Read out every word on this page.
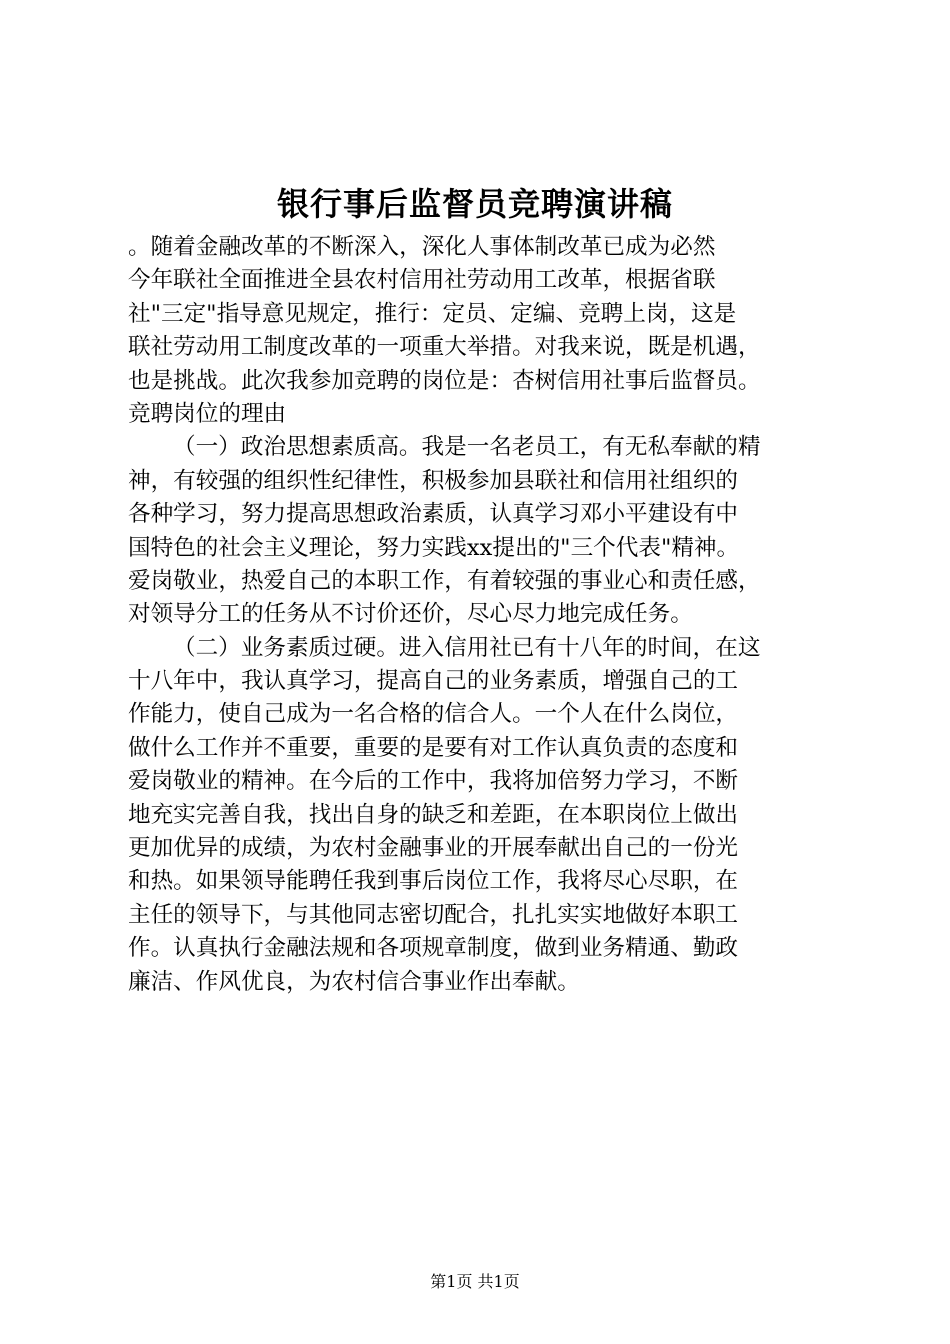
银行事后监督员竞聘演讲稿
。随着金融改革的不断深入，深化人事体制改革已成为必然
今年联社全面推进全县农村信用社劳动用工改革，根据省联
社"三定"指导意见规定，推行：定员、定编、竞聘上岗，这是
联社劳动用工制度改革的一项重大举措。对我来说，既是机遇，
也是挑战。此次我参加竞聘的岗位是：杏树信用社事后监督员。
竞聘岗位的理由
（一）政治思想素质高。我是一名老员工，有无私奉献的精
神，有较强的组织性纪律性，积极参加县联社和信用社组织的
各种学习，努力提高思想政治素质，认真学习邓小平建设有中
国特色的社会主义理论，努力实践xx提出的"三个代表"精神。
爱岗敬业，热爱自己的本职工作，有着较强的事业心和责任感，
对领导分工的任务从不讨价还价，尽心尽力地完成任务。
（二）业务素质过硬。进入信用社已有十八年的时间，在这
十八年中，我认真学习，提高自己的业务素质，增强自己的工
作能力，使自己成为一名合格的信合人。一个人在什么岗位，
做什么工作并不重要，重要的是要有对工作认真负责的态度和
爱岗敬业的精神。在今后的工作中，我将加倍努力学习，不断
地充实完善自我，找出自身的缺乏和差距，在本职岗位上做出
更加优异的成绩，为农村金融事业的开展奉献出自己的一份光
和热。如果领导能聘任我到事后岗位工作，我将尽心尽职，在
主任的领导下，与其他同志密切配合，扎扎实实地做好本职工
作。认真执行金融法规和各项规章制度，做到业务精通、勤政
廉洁、作风优良，为农村信合事业作出奉献。
第1页 共1页
